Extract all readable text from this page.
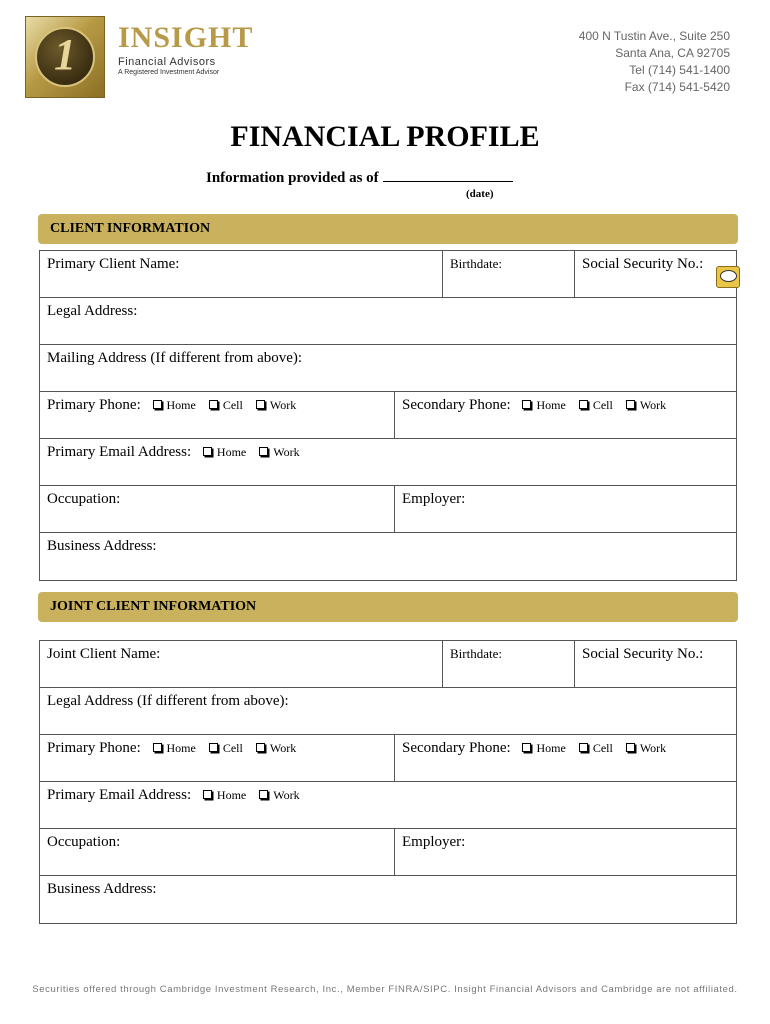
1 INSIGHT
Financial Advisors
A Registered Investment Advisor
400 N Tustin Ave., Suite 250
Santa Ana, CA 92705
Tel (714) 541-1400
Fax (714) 541-5420
FINANCIAL PROFILE
Information provided as of
(date)
CLIENT INFORMATION
Primary Client Name:	Birthdate:	Social Security No.:
Legal Address:
Mailing Address (If different from above):
Primary Phone: Home Cell Work	Secondary Phone: Home Cell Work
Primary Email Address: Home Work
Occupation:	Employer:
Business Address:
JOINT CLIENT INFORMATION
Joint Client Name:	Birthdate:	Social Security No.:
Legal Address (If different from above):
Primary Phone: Home Cell Work	Secondary Phone: Home Cell Work
Primary Email Address: Home Work
Occupation:	Employer:
Business Address:
Securities offered through Cambridge Investment Research, Inc., Member FINRA/SIPC. Insight Financial Advisors and Cambridge are not affiliated.
